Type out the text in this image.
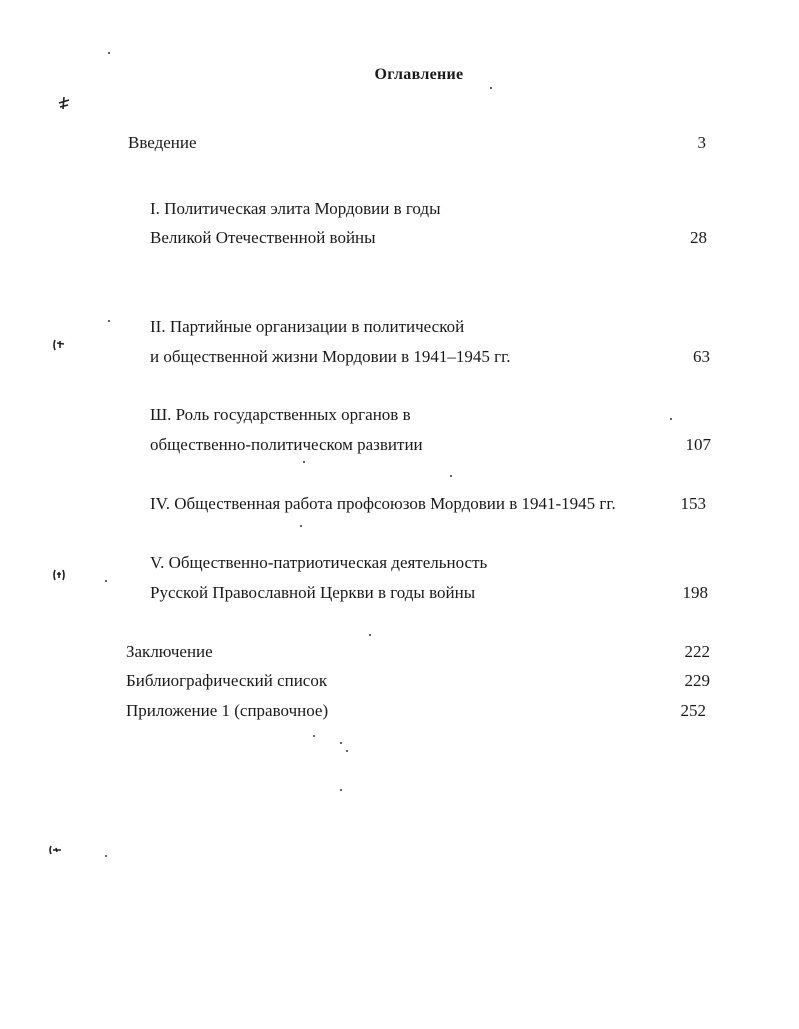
Оглавление
Введение	3
I. Политическая элита Мордовии в годы
Великой Отечественной войны	28
II. Партийные организации в политической
и общественной жизни Мордовии в 1941–1945 гг.	63
Ш. Роль государственных органов в
общественно-политическом развитии	107
IV. Общественная работа профсоюзов Мордовии в 1941-1945 гг.	153
V. Общественно-патриотическая деятельность
Русской Православной Церкви в годы войны	198
Заключение	222
Библиографический список	229
Приложение 1 (справочное)	252
